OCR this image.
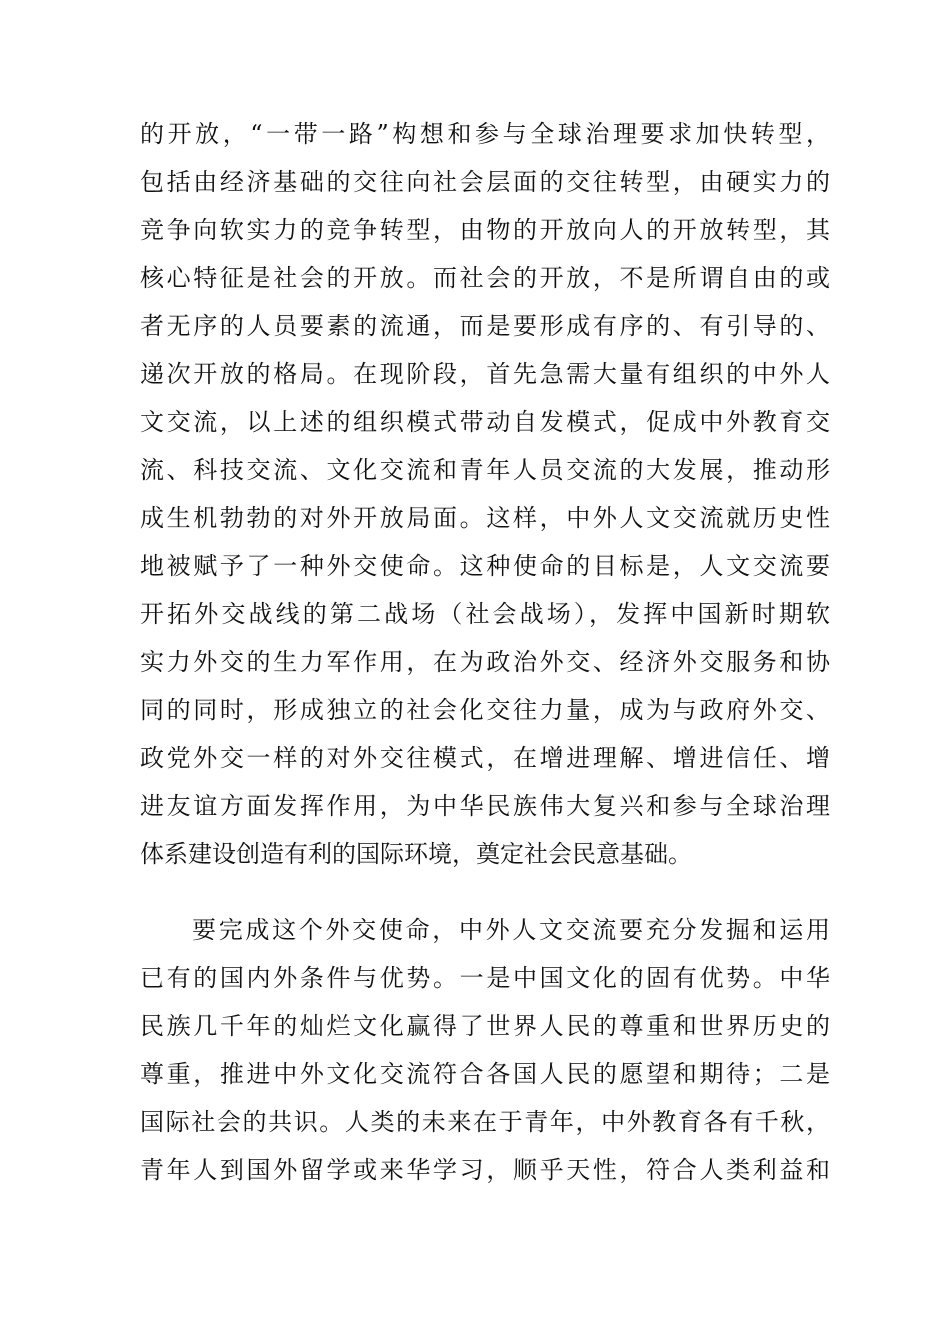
的开放，“一带一路”构想和参与全球治理要求加快转型，
包括由经济基础的交往向社会层面的交往转型，由硬实力的
竞争向软实力的竞争转型，由物的开放向人的开放转型，其
核心特征是社会的开放。而社会的开放，不是所谓自由的或
者无序的人员要素的流通，而是要形成有序的、有引导的、
递次开放的格局。在现阶段，首先急需大量有组织的中外人
文交流，以上述的组织模式带动自发模式，促成中外教育交
流、科技交流、文化交流和青年人员交流的大发展，推动形
成生机勃勃的对外开放局面。这样，中外人文交流就历史性
地被赋予了一种外交使命。这种使命的目标是，人文交流要
开拓外交战线的第二战场（社会战场），发挥中国新时期软
实力外交的生力军作用，在为政治外交、经济外交服务和协
同的同时，形成独立的社会化交往力量，成为与政府外交、
政党外交一样的对外交往模式，在增进理解、增进信任、增
进友谊方面发挥作用，为中华民族伟大复兴和参与全球治理
体系建设创造有利的国际环境，奠定社会民意基础。
要完成这个外交使命，中外人文交流要充分发掘和运用
已有的国内外条件与优势。一是中国文化的固有优势。中华
民族几千年的灿烂文化赢得了世界人民的尊重和世界历史的
尊重，推进中外文化交流符合各国人民的愿望和期待；二是
国际社会的共识。人类的未来在于青年，中外教育各有千秋，
青年人到国外留学或来华学习，顺乎天性，符合人类利益和
